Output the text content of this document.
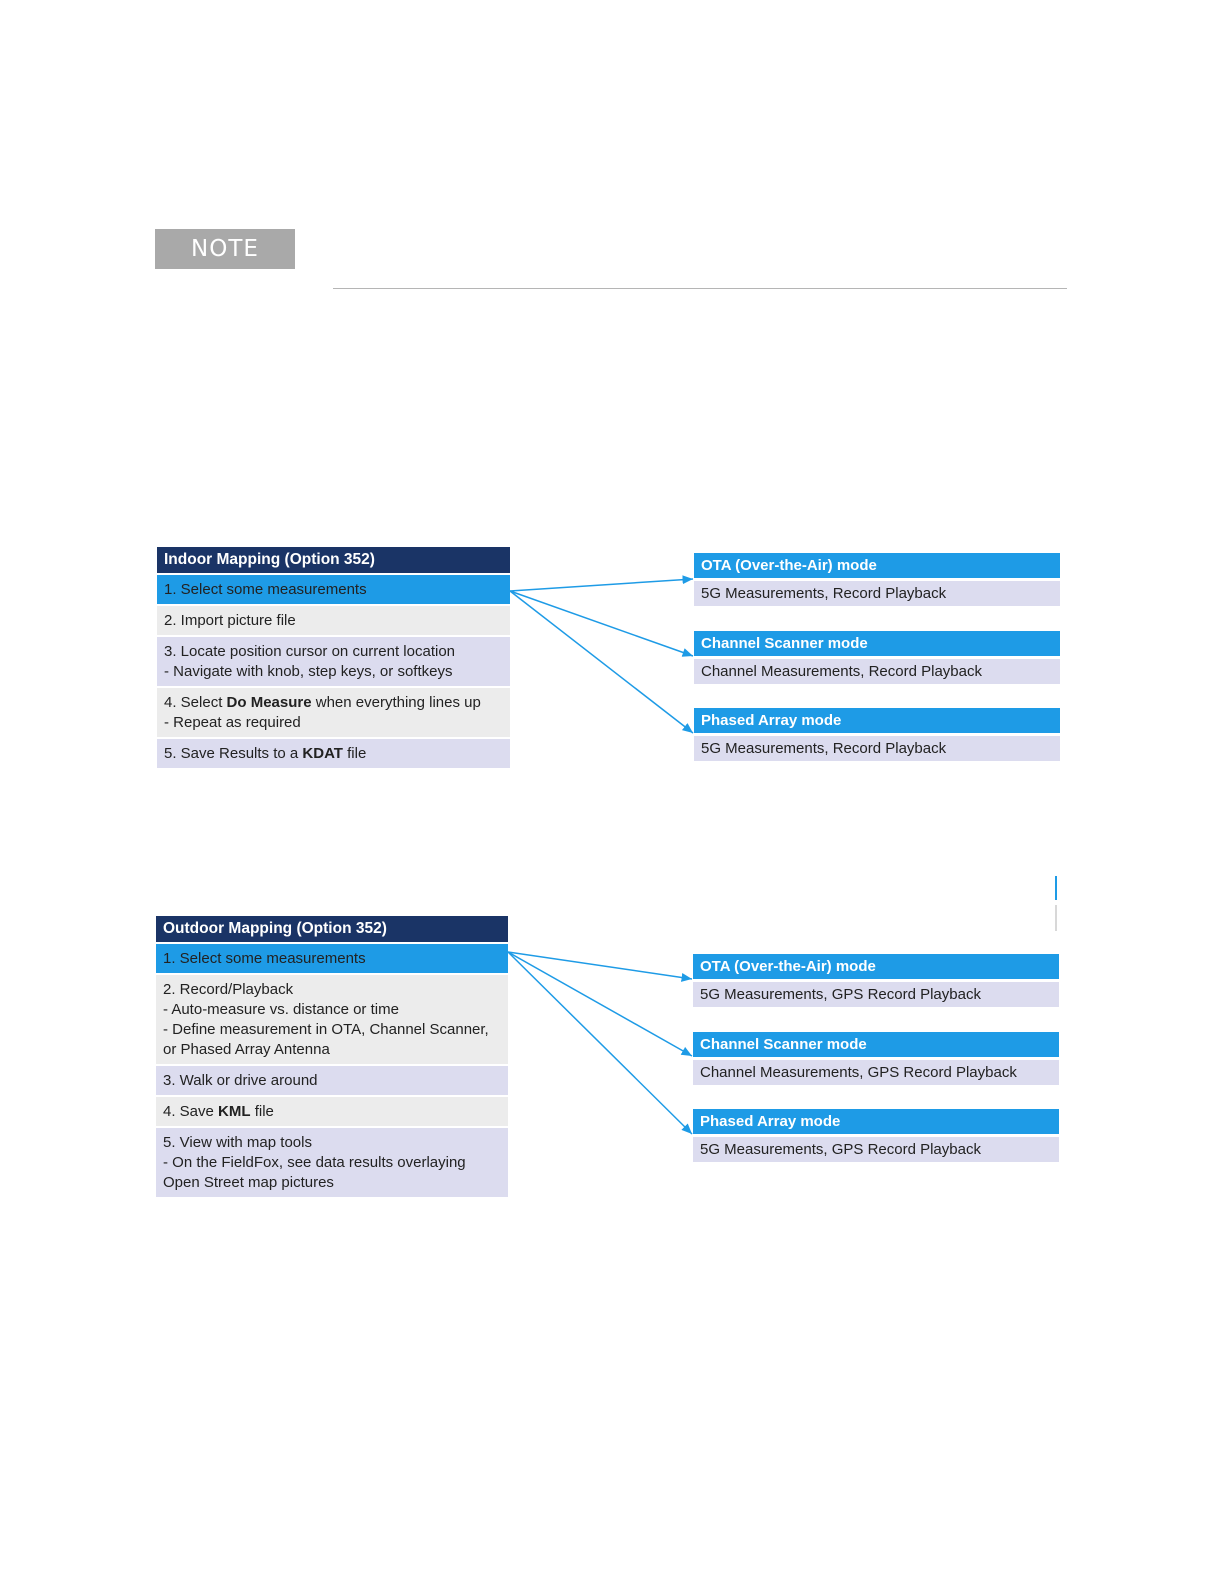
NOTE
Indoor Mapping (Option 352)
1. Select some measurements
2. Import picture file
3. Locate position cursor on current location
- Navigate with knob, step keys, or softkeys
4. Select Do Measure when everything lines up
- Repeat as required
5. Save Results to a KDAT file
OTA (Over-the-Air) mode
5G Measurements, Record Playback
Channel Scanner mode
Channel Measurements, Record Playback
Phased Array mode
5G Measurements, Record Playback
Outdoor Mapping (Option 352)
1. Select some measurements
2. Record/Playback
- Auto-measure vs. distance or time
- Define measurement in OTA, Channel Scanner,
or Phased Array Antenna
3. Walk or drive around
4. Save KML file
5. View with map tools
- On the FieldFox, see data results overlaying
Open Street map pictures
OTA (Over-the-Air) mode
5G Measurements, GPS Record Playback
Channel Scanner mode
Channel Measurements, GPS Record Playback
Phased Array mode
5G Measurements, GPS Record Playback
